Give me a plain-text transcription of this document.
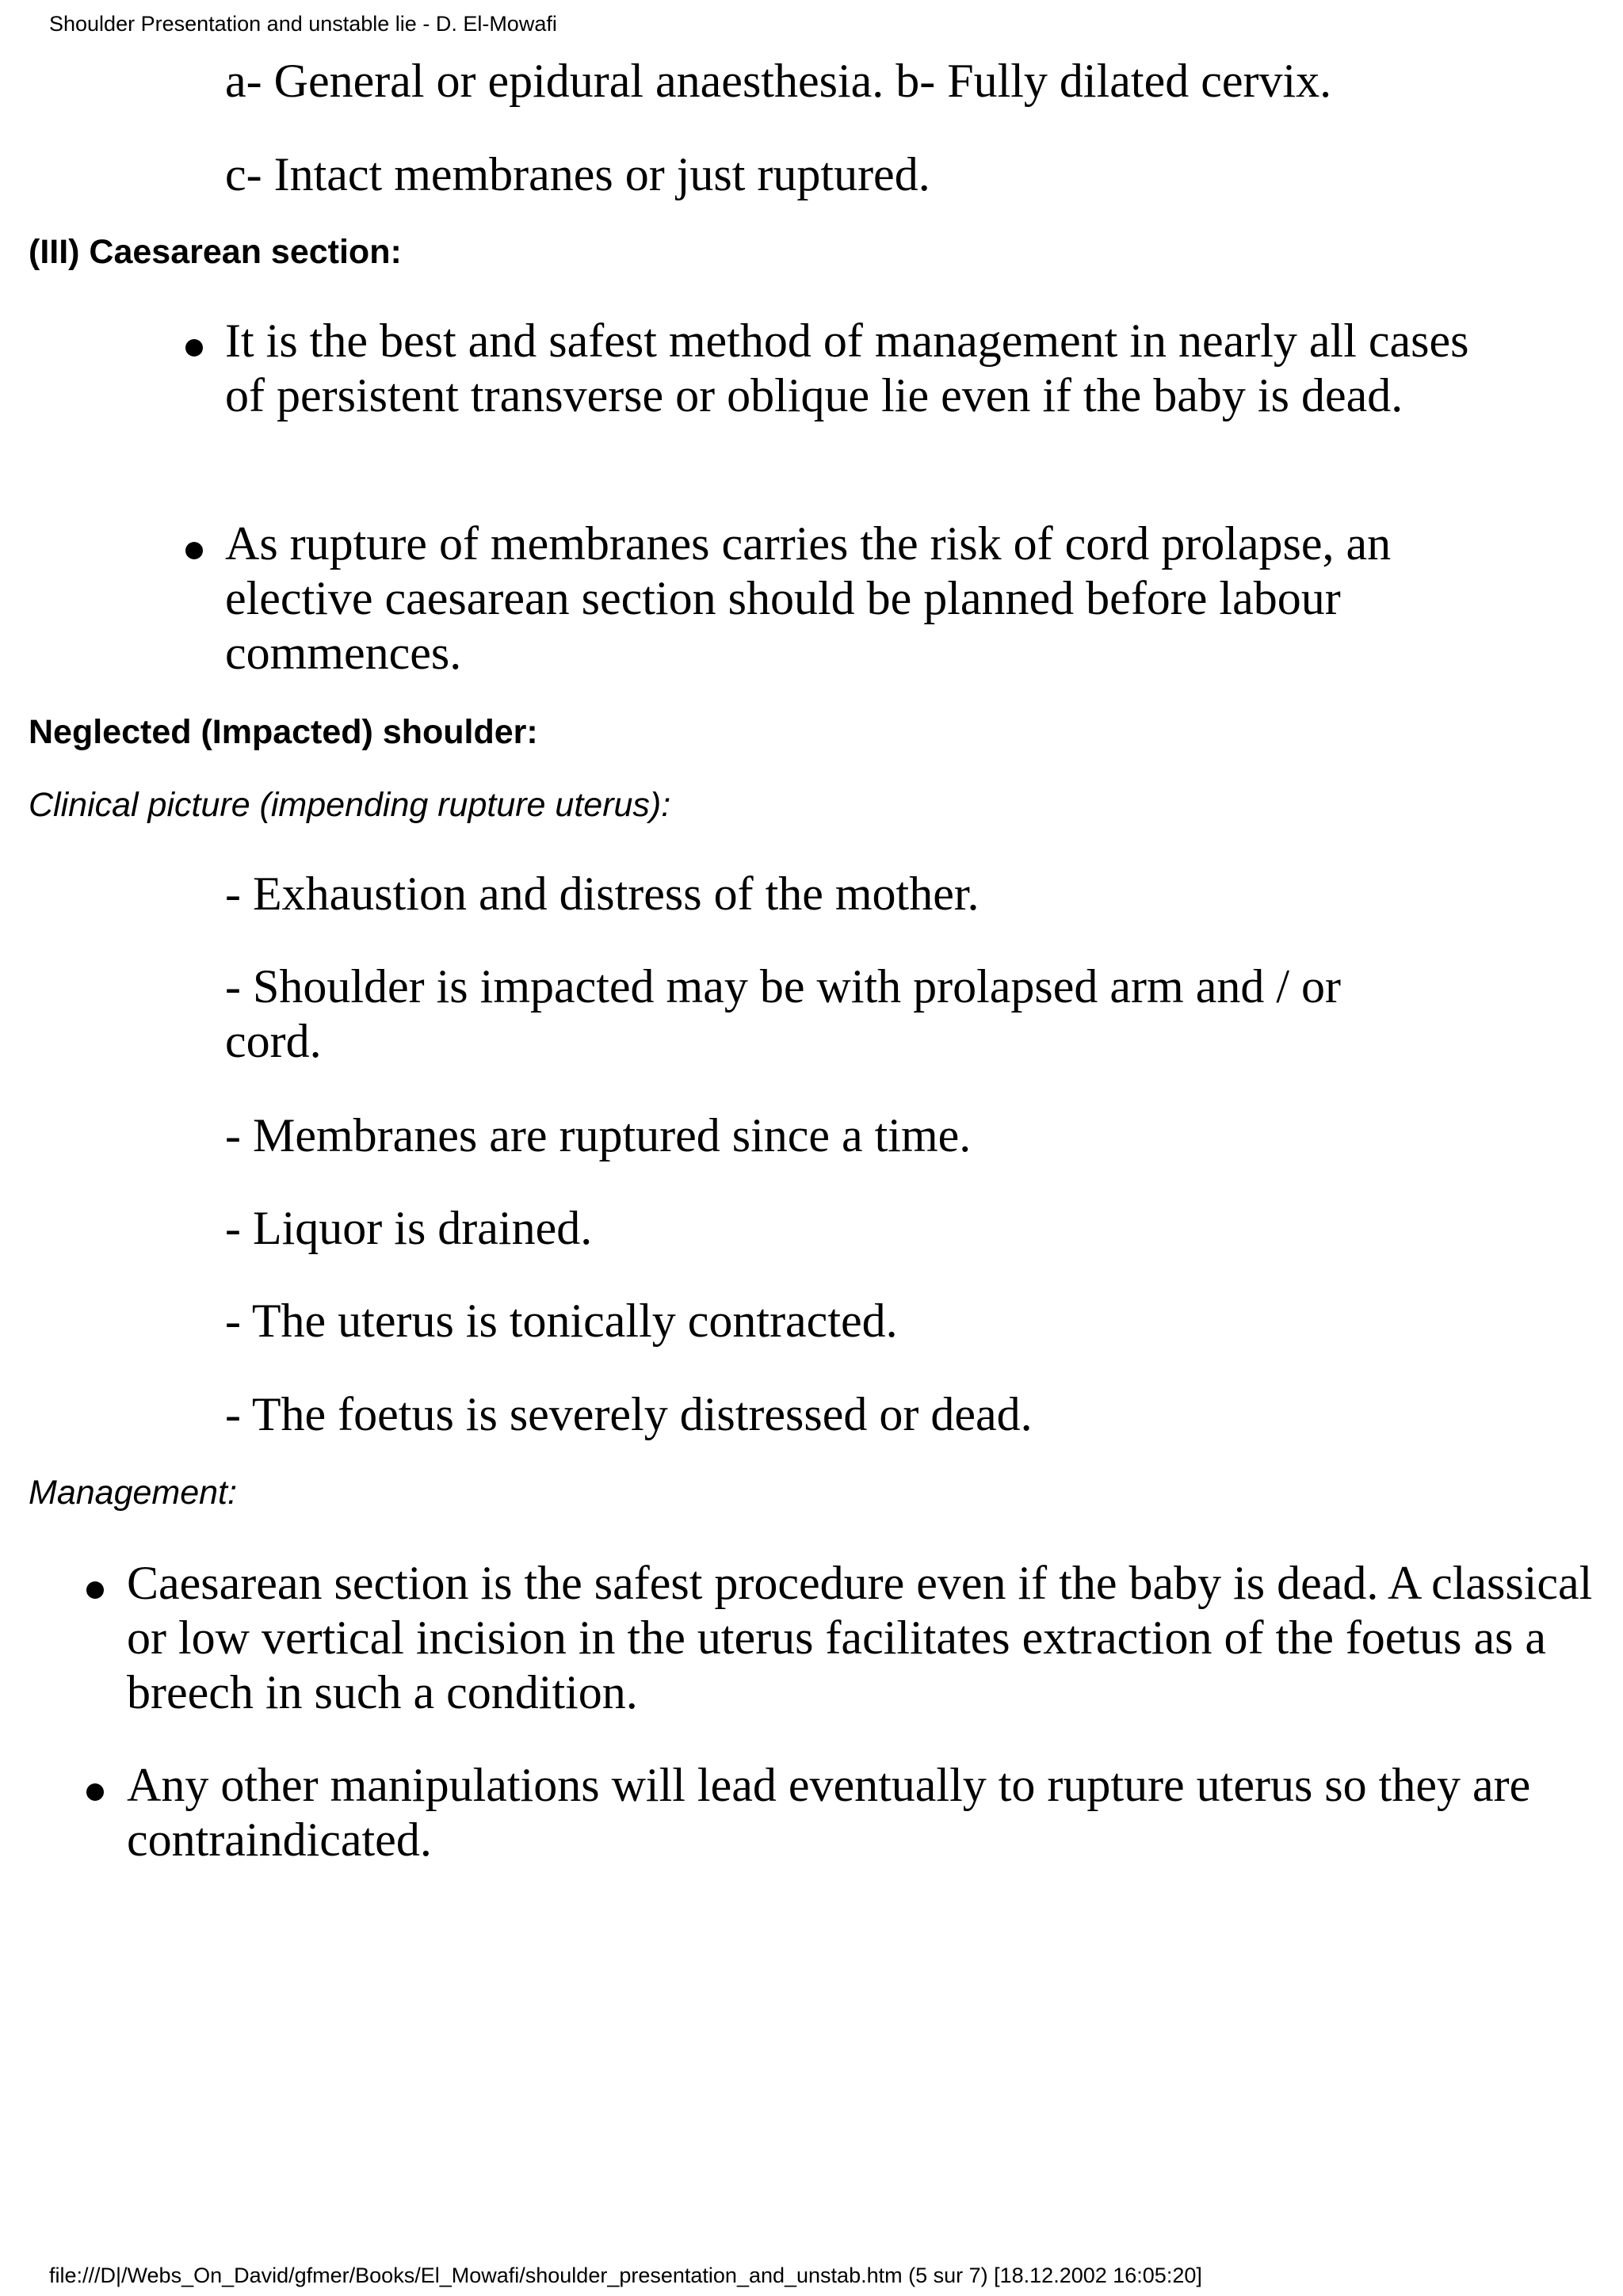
Shoulder Presentation and unstable lie - D. El-Mowafi
a- General or epidural anaesthesia. b- Fully dilated cervix.
c- Intact membranes or just ruptured.
(III) Caesarean section:
It is the best and safest method of management in nearly all cases of persistent transverse or oblique lie even if the baby is dead.
As rupture of membranes carries the risk of cord prolapse, an elective caesarean section should be planned before labour commences.
Neglected (Impacted) shoulder:
Clinical picture (impending rupture uterus):
- Exhaustion and distress of the mother.
- Shoulder is impacted may be with prolapsed arm and / or cord.
- Membranes are ruptured since a time.
- Liquor is drained.
- The uterus is tonically contracted.
- The foetus is severely distressed or dead.
Management:
Caesarean section is the safest procedure even if the baby is dead. A classical or low vertical incision in the uterus facilitates extraction of the foetus as a breech in such a condition.
Any other manipulations will lead eventually to rupture uterus so they are contraindicated.
file:///D|/Webs_On_David/gfmer/Books/El_Mowafi/shoulder_presentation_and_unstab.htm (5 sur 7) [18.12.2002 16:05:20]
